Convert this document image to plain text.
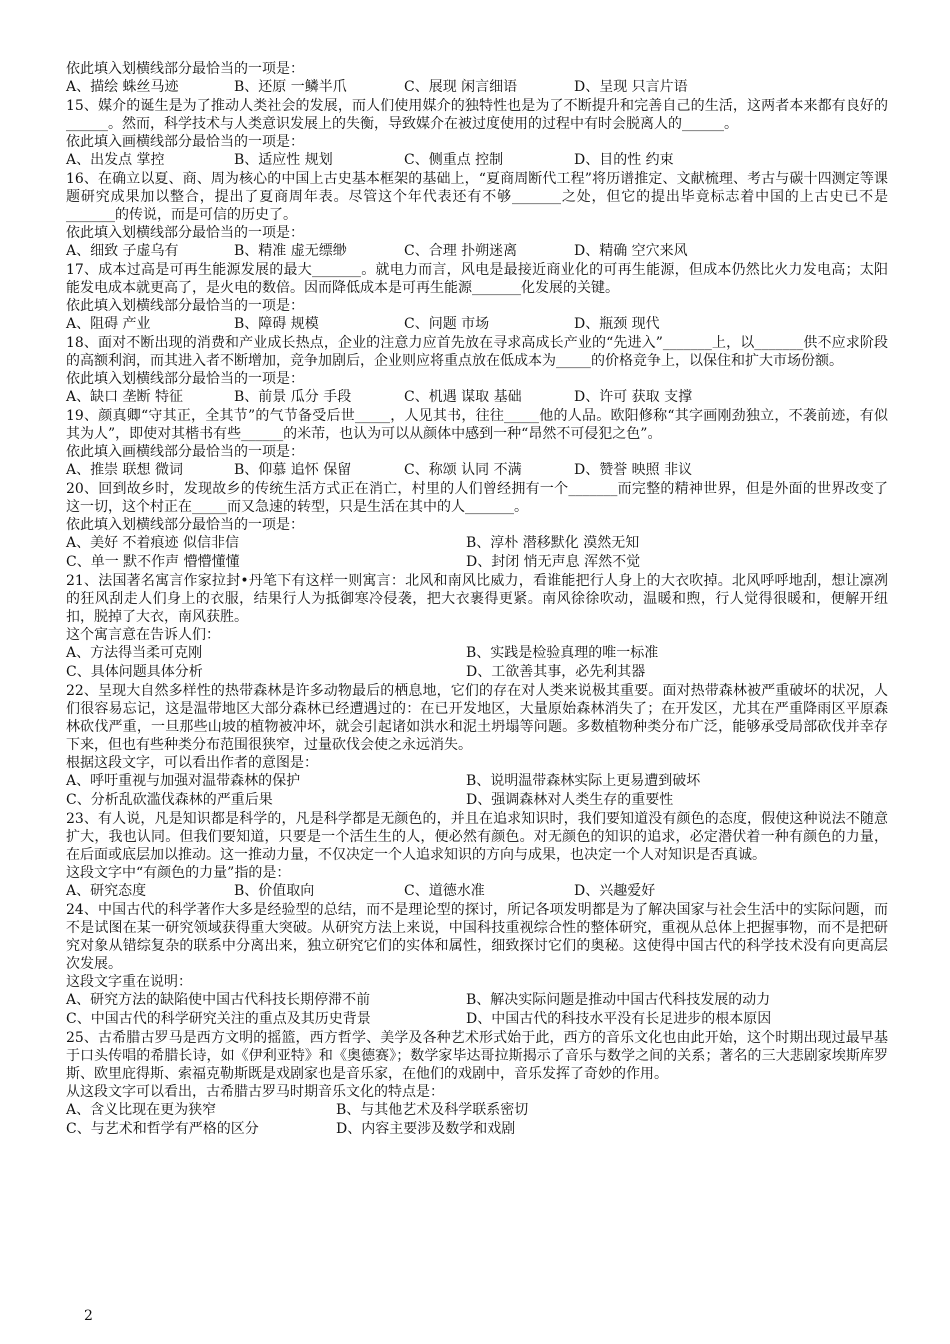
依此填入划横线部分最恰当的一项是：

A、描绘 蛛丝马迹	B、还原 一鳞半爪	C、展现 闲言细语	D、呈现 只言片语

15、媒介的诞生是为了推动人类社会的发展，而人们使用媒介的独特性也是为了不断提升和完善自己的生活，这两者本来都有良好的______。然而，科学技术与人类意识发展上的失衡，导致媒介在被过度使用的过程中有时会脱离人的______。

依此填入画横线部分最恰当的一项是：

A、出发点 掌控	B、适应性 规划	C、侧重点 控制	D、目的性 约束

16、在确立以夏、商、周为核心的中国上古史基本框架的基础上，“夏商周断代工程”将历谱推定、文献梳理、考古与碳十四测定等课题研究成果加以整合，提出了夏商周年表。尽管这个年代表还有不够_______之处，但它的提出毕竟标志着中国的上古史已不是_______的传说，而是可信的历史了。

依此填入划横线部分最恰当的一项是：

A、细致 子虚乌有	B、精准 虚无缥缈	C、合理 扑朔迷离	D、精确 空穴来风

17、成本过高是可再生能源发展的最大_______。就电力而言，风电是最接近商业化的可再生能源，但成本仍然比火力发电高；太阳能发电成本就更高了，是火电的数倍。因而降低成本是可再生能源_______化发展的关键。

依此填入划横线部分最恰当的一项是：

A、阻碍 产业	B、障碍 规模	C、问题 市场	D、瓶颈 现代

18、面对不断出现的消费和产业成长热点，企业的注意力应首先放在寻求高成长产业的“先进入”_______上，以_______供不应求阶段的高额利润，而其进入者不断增加，竞争加剧后，企业则应将重点放在低成本为_____的价格竞争上，以保住和扩大市场份额。

依此填入划横线部分最恰当的一项是：

A、缺口 垄断 特征	B、前景 瓜分 手段	C、机遇 谋取 基础	D、许可 获取 支撑

19、颜真卿“守其正，全其节”的气节备受后世_____，人见其书，往往_____他的人品。欧阳修称“其字画刚劲独立，不袭前迹，有似其为人”，即使对其楷书有些______的米芾，也认为可以从颜体中感到一种“昂然不可侵犯之色”。

依此填入画横线部分最恰当的一项是：

A、推崇 联想 微词	B、仰慕 追怀 保留	C、称颂 认同 不满	D、赞誉 映照 非议

20、回到故乡时，发现故乡的传统生活方式正在消亡，村里的人们曾经拥有一个_______而完整的精神世界，但是外面的世界改变了这一切，这个村正在_____而又急速的转型，只是生活在其中的人_______。

依此填入划横线部分最恰当的一项是：

A、美好 不着痕迹 似信非信	B、淳朴 潜移默化 漠然无知
C、单一 默不作声 懵懵懂懂	D、封闭 悄无声息 浑然不觉

21、法国著名寓言作家拉封•丹笔下有这样一则寓言：北风和南风比威力，看谁能把行人身上的大衣吹掉。北风呼呼地刮，想让凛冽的狂风刮走人们身上的衣服，结果行人为抵御寒冷侵袭，把大衣裹得更紧。南风徐徐吹动，温暖和煦，行人觉得很暖和，便解开纽扣，脱掉了大衣，南风获胜。

这个寓言意在告诉人们：

A、方法得当柔可克刚	B、实践是检验真理的唯一标准
C、具体问题具体分析	D、工欲善其事，必先利其器

22、呈现大自然多样性的热带森林是许多动物最后的栖息地，它们的存在对人类来说极其重要。面对热带森林被严重破坏的状况，人们很容易忘记，这是温带地区大部分森林已经遭遇过的：在已开发地区，大量原始森林消失了；在开发区，尤其在严重降雨区平原森林砍伐严重，一旦那些山坡的植物被冲坏，就会引起诸如洪水和泥土坍塌等问题。多数植物种类分布广泛，能够承受局部砍伐并幸存下来，但也有些种类分布范围很狭窄，过量砍伐会使之永远消失。

根据这段文字，可以看出作者的意图是：

A、呼吁重视与加强对温带森林的保护	B、说明温带森林实际上更易遭到破坏
C、分析乱砍滥伐森林的严重后果	D、强调森林对人类生存的重要性

23、有人说，凡是知识都是科学的，凡是科学都是无颜色的，并且在追求知识时，我们要知道没有颜色的态度，假使这种说法不随意扩大，我也认同。但我们要知道，只要是一个活生生的人，便必然有颜色。对无颜色的知识的追求，必定潜伏着一种有颜色的力量，在后面或底层加以推动。这一推动力量，不仅决定一个人追求知识的方向与成果，也决定一个人对知识是否真诚。

这段文字中“有颜色的力量”指的是：

A、研究态度	B、价值取向	C、道德水准	D、兴趣爱好

24、中国古代的科学著作大多是经验型的总结，而不是理论型的探讨，所记各项发明都是为了解决国家与社会生活中的实际问题，而不是试图在某一研究领域获得重大突破。从研究方法上来说，中国科技重视综合性的整体研究，重视从总体上把握事物，而不是把研究对象从错综复杂的联系中分离出来，独立研究它们的实体和属性，细致探讨它们的奥秘。这使得中国古代的科学技术没有向更高层次发展。

这段文字重在说明：

A、研究方法的缺陷使中国古代科技长期停滞不前	B、解决实际问题是推动中国古代科技发展的动力
C、中国古代的科学研究关注的重点及其历史背景	D、中国古代的科技水平没有长足进步的根本原因

25、古希腊古罗马是西方文明的摇篮，西方哲学、美学及各种艺术形式始于此，西方的音乐文化也由此开始，这个时期出现过最早基于口头传唱的希腊长诗，如《伊利亚特》和《奥德赛》；数学家毕达哥拉斯揭示了音乐与数学之间的关系；著名的三大悲剧家埃斯库罗斯、欧里庇得斯、索福克勒斯既是戏剧家也是音乐家，在他们的戏剧中，音乐发挥了奇妙的作用。

从这段文字可以看出，古希腊古罗马时期音乐文化的特点是：

A、含义比现在更为狭窄	B、与其他艺术及科学联系密切
C、与艺术和哲学有严格的区分	D、内容主要涉及数学和戏剧
2
